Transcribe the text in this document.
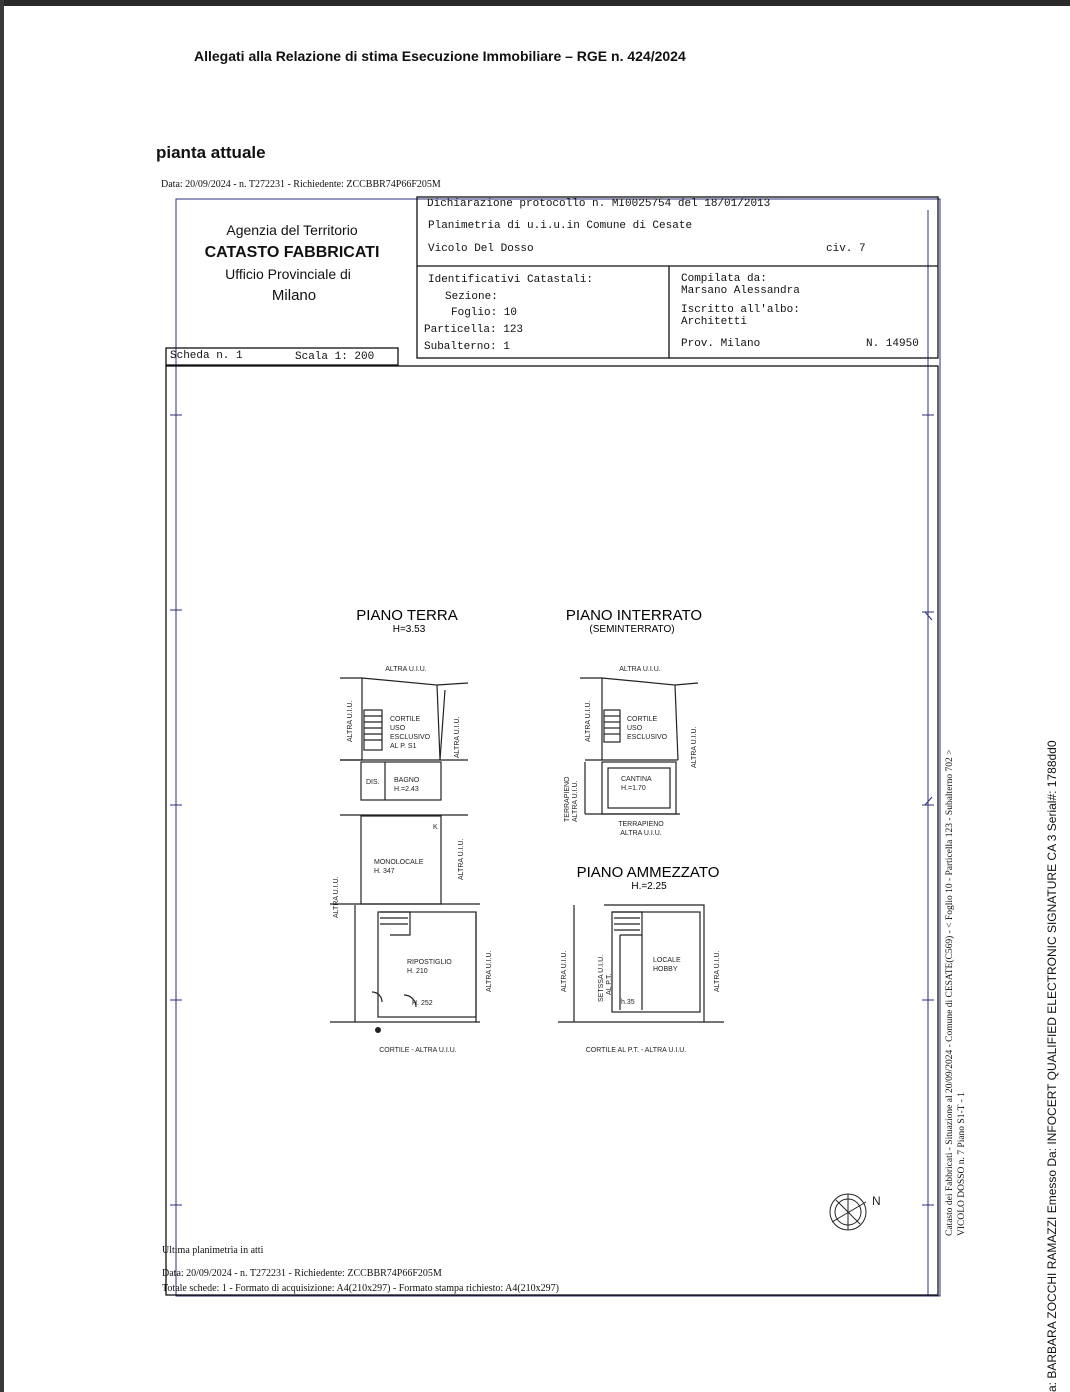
Allegati alla Relazione di stima Esecuzione Immobiliare – RGE n. 424/2024
pianta attuale
Data: 20/09/2024 - n. T272231 - Richiedente: ZCCBBR74P66F205M
Agenzia del Territorio
CATASTO FABBRICATI
Ufficio Provinciale di
Milano
Dichiarazione protocollo n. MI0025754 del 18/01/2013
Planimetria di u.i.u.in Comune di Cesate
Vicolo Del Dosso	civ. 7
Identificativi Catastali:
Sezione:
Foglio: 10
Particella: 123
Subalterno: 1
Compilata da:
Marsano Alessandra
Iscritto all'albo:
Architetti
Prov. Milano	N. 14950
Scheda n. 1	Scala 1: 200
PIANO TERRA
H=3.53
PIANO INTERRATO
(SEMINTERRATO)
PIANO AMMEZZATO
H.=2.25
ALTRA U.I.U.
ALTRA U.I.U.	ALTRA U.I.U.
CORTILE
USO
ESCLUSIVO
AL P. S1
DIS. BAGNO
H.=2.43
K
ALTRA U.I.U.
MONOLOCALE
H. 347
ALTRA U.I.U.
RIPOSTIGLIO
H. 210
H. 252
ALTRA U.I.U.
CORTILE - ALTRA U.I.U.
ALTRA U.I.U.
ALTRA U.I.U.
ALTRA U.I.U.
CORTILE
USO
ESCLUSIVO
CANTINA
H.=1.70
TERRAPIENO ALTRA U.I.U.
TERRAPIENO
ALTRA U.I.U.
ALTRA U.I.U.	SETSSA U.I.U. AL P.T.
LOCALE
HOBBY
h.35
ALTRA U.I.U.
CORTILE AL P.T. - ALTRA U.I.U.
N
Ultima planimetria in atti
Data: 20/09/2024 - n. T272231 - Richiedente: ZCCBBR74P66F205M
Totale schede: 1 - Formato di acquisizione: A4(210x297) - Formato stampa richiesto: A4(210x297)
Catasto dei Fabbricati - Situazione al 20/09/2024 - Comune di CESATE(C569) - < Foglio 10 - Particella 123 - Subalterno 702 > VICOLO DOSSO n. 7 Piano S1-T - 1	a: BARBARA ZOCCHI RAMAZZI Emesso Da: INFOCERT QUALIFIED ELECTRONIC SIGNATURE CA 3 Serial#: 1788dd0
